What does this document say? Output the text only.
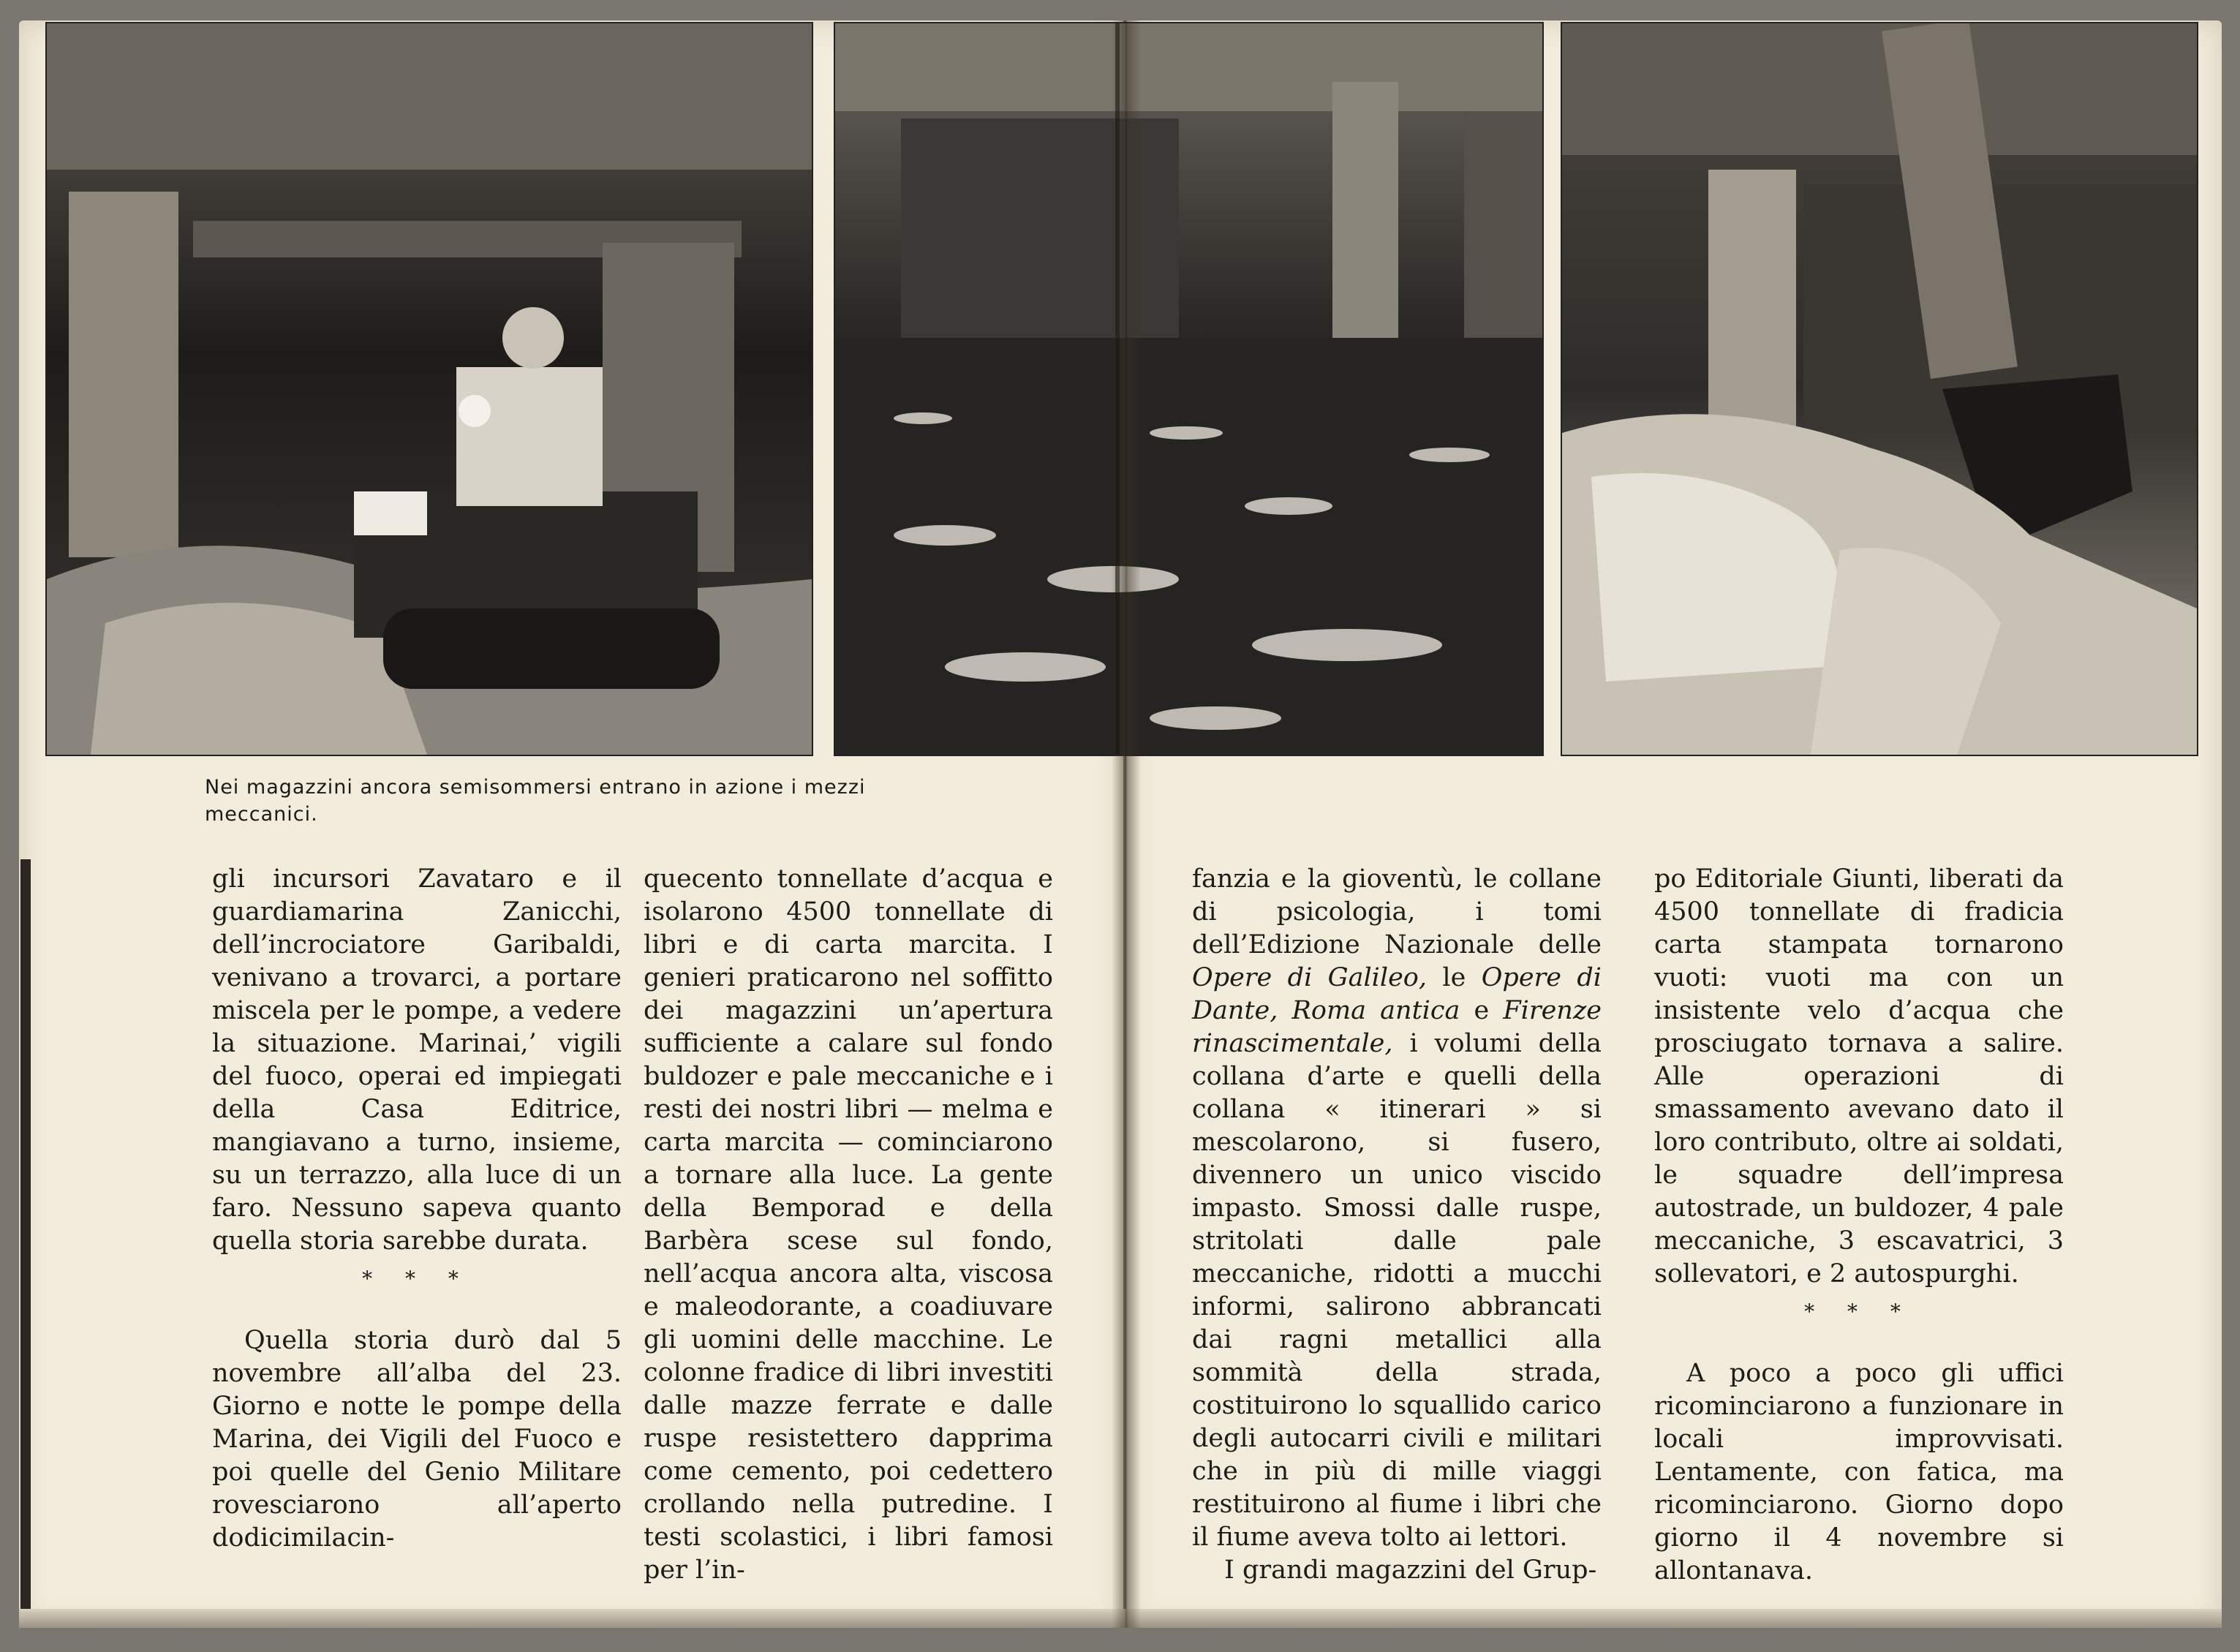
Nei magazzini ancora semisommersi entrano in azione i mezzi meccanici.

gli incursori Zavataro e il guardiamarina Zanicchi, dell’incrociatore Garibaldi, venivano a trovarci, a portare miscela per le pompe, a vedere la situazione. Marinai,’ vigili del fuoco, operai ed impiegati della Casa Editrice, mangiavano a turno, insieme, su un terrazzo, alla luce di un faro. Nessuno sapeva quanto quella storia sarebbe durata.

* * *

Quella storia durò dal 5 novembre all’alba del 23. Giorno e notte le pompe della Marina, dei Vigili del Fuoco e poi quelle del Genio Militare rovesciarono all’aperto dodicimilacin-

quecento tonnellate d’acqua e isolarono 4500 tonnellate di libri e di carta marcita. I genieri praticarono nel soffitto dei magazzini un’apertura sufficiente a calare sul fondo buldozer e pale meccaniche e i resti dei nostri libri — melma e carta marcita — cominciarono a tornare alla luce. La gente della Bemporad e della Barbèra scese sul fondo, nell’acqua ancora alta, viscosa e maleodorante, a coadiuvare gli uomini delle macchine. Le colonne fradice di libri investiti dalle mazze ferrate e dalle ruspe resistettero dapprima come cemento, poi cedettero crollando nella putredine. I testi scolastici, i libri famosi per l’in-

fanzia e la gioventù, le collane di psicologia, i tomi dell’Edizione Nazionale delle Opere di Galileo, le Opere di Dante, Roma antica e Firenze rinascimentale, i volumi della collana d’arte e quelli della collana « itinerari » si mescolarono, si fusero, divennero un unico viscido impasto. Smossi dalle ruspe, stritolati dalle pale meccaniche, ridotti a mucchi informi, salirono abbrancati dai ragni metallici alla sommità della strada, costituirono lo squallido carico degli autocarri civili e militari che in più di mille viaggi restituirono al fiume i libri che il fiume aveva tolto ai lettori.

I grandi magazzini del Grup-

po Editoriale Giunti, liberati da 4500 tonnellate di fradicia carta stampata tornarono vuoti: vuoti ma con un insistente velo d’acqua che prosciugato tornava a salire. Alle operazioni di smassamento avevano dato il loro contributo, oltre ai soldati, le squadre dell’impresa autostrade, un buldozer, 4 pale meccaniche, 3 escavatrici, 3 sollevatori, e 2 autospurghi.

* * *

A poco a poco gli uffici ricominciarono a funzionare in locali improvvisati. Lentamente, con fatica, ma ricominciarono. Giorno dopo giorno il 4 novembre si allontanava.
